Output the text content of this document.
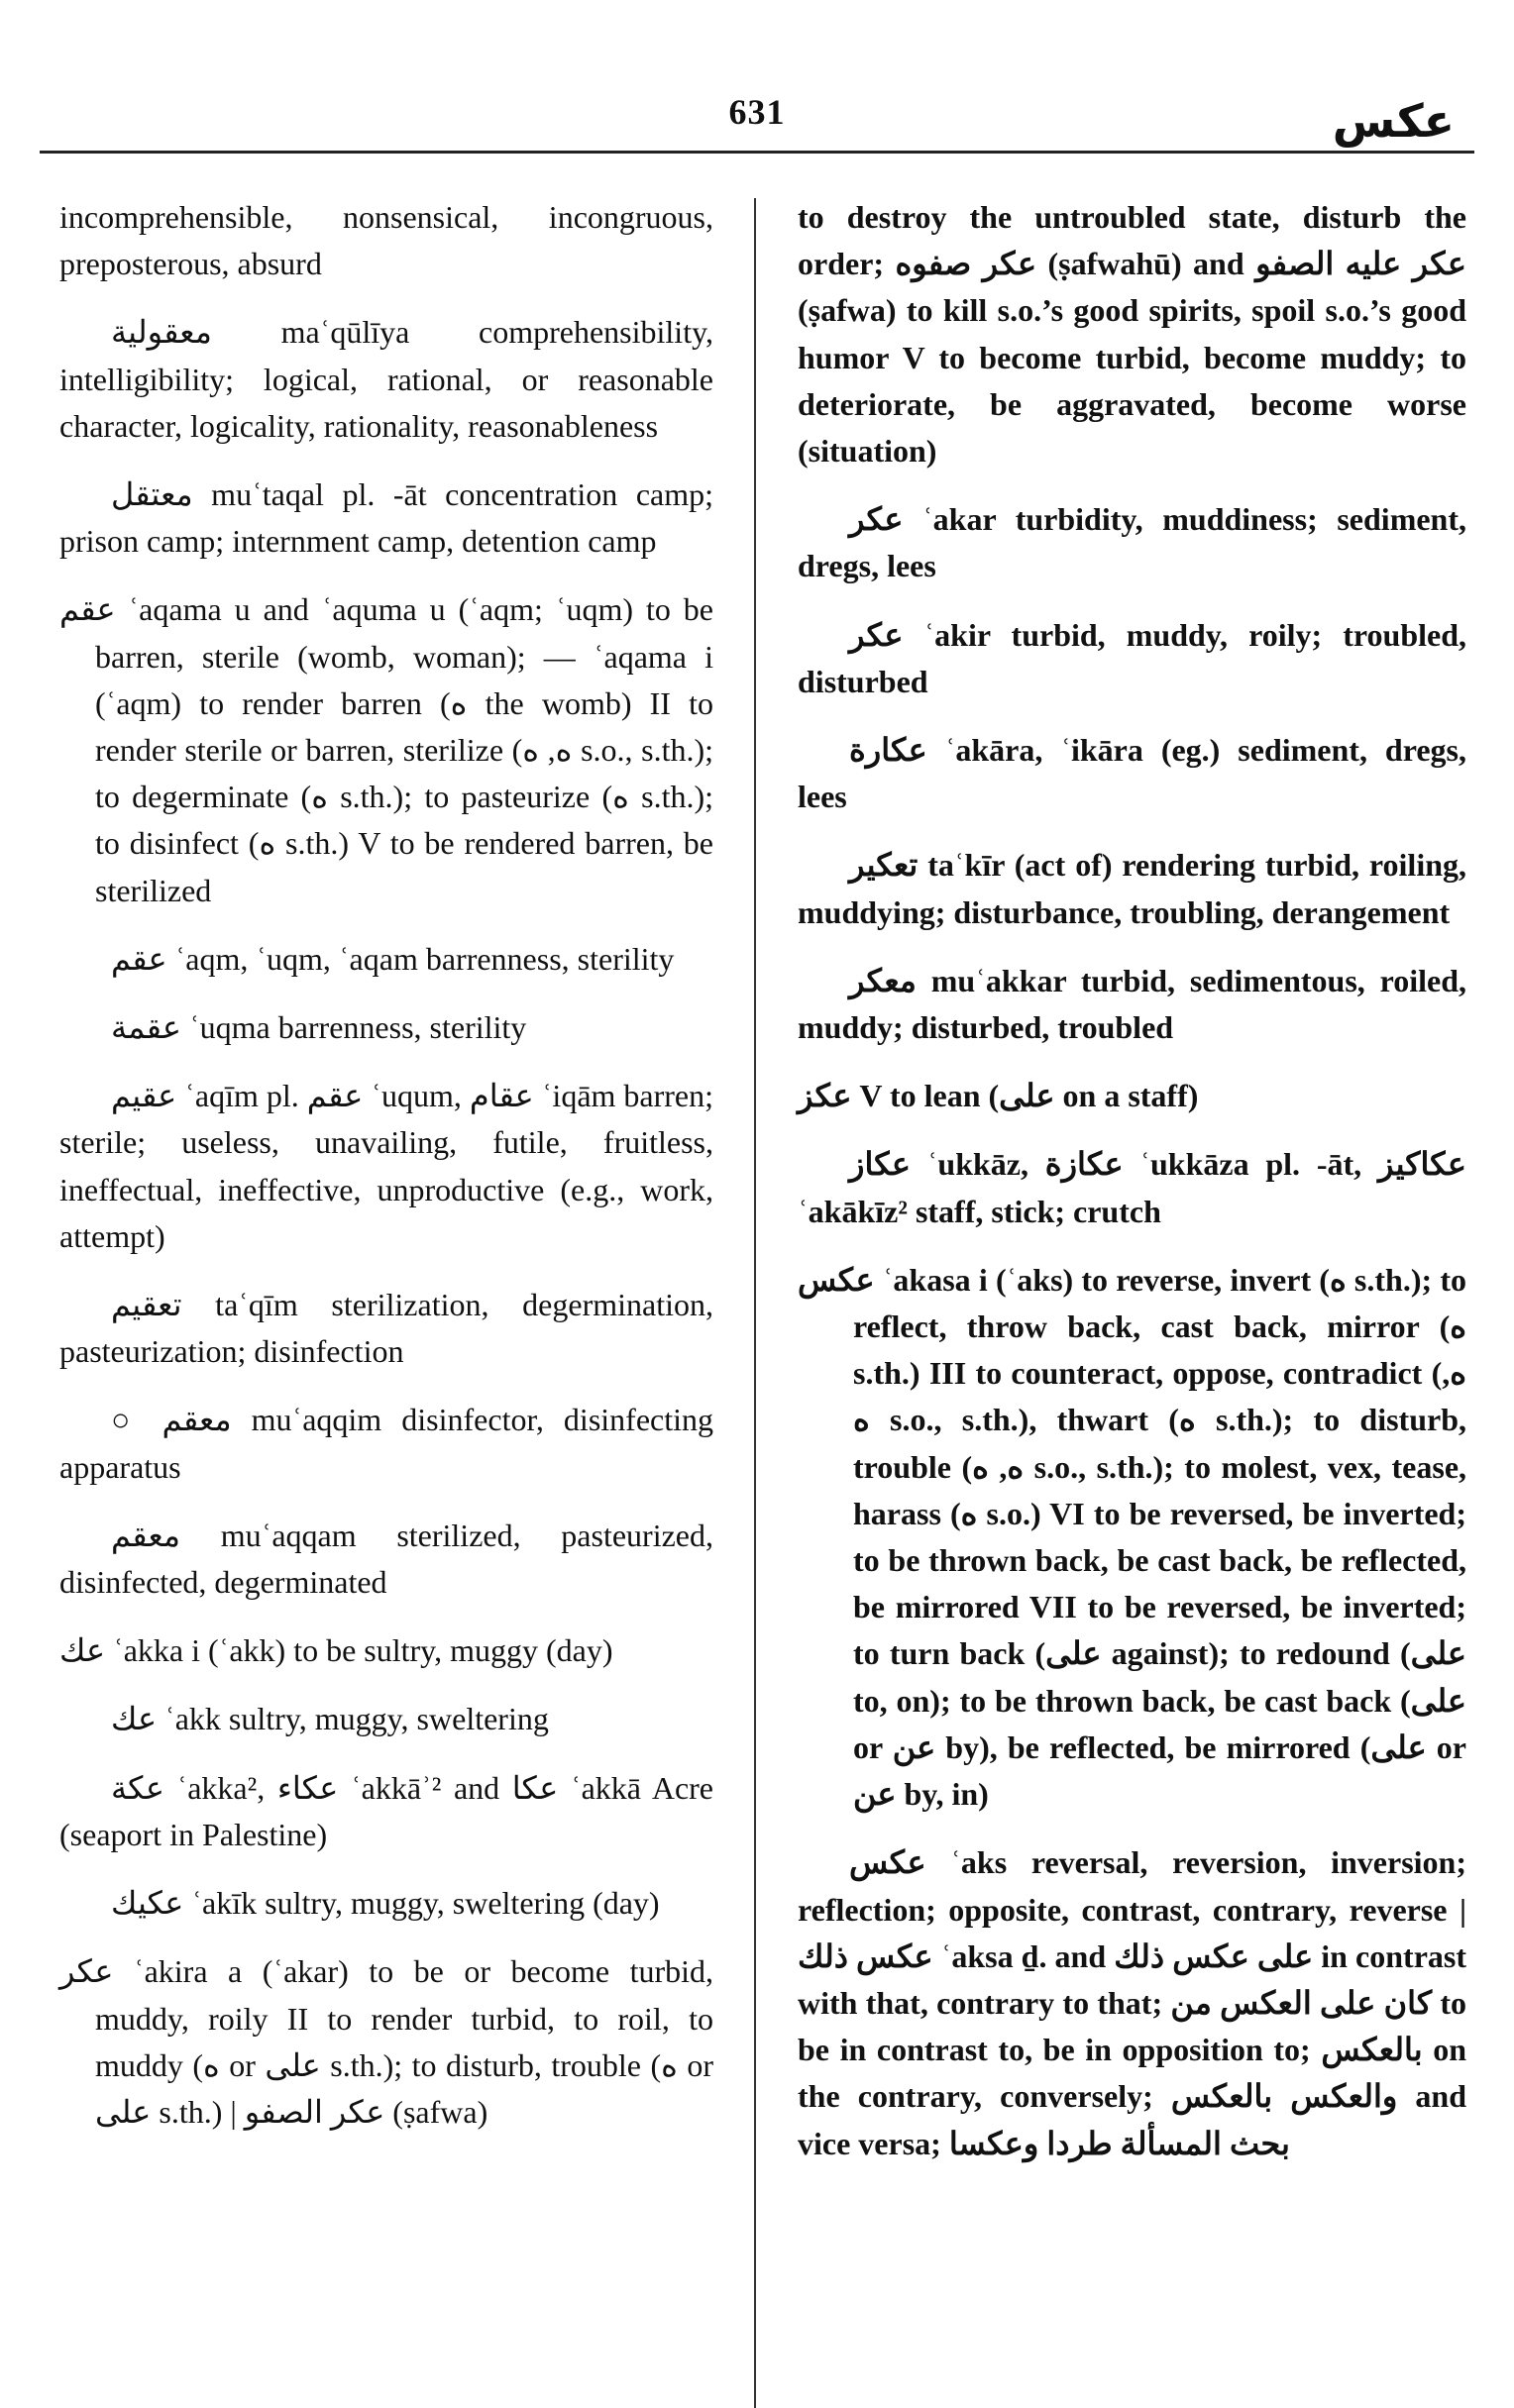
631	عكس

incomprehensible, nonsensical, incongruous, preposterous, absurd

معقولية maʿqūlīya comprehensibility, intelligibility; logical, rational, or reasonable character, logicality, rationality, reasonableness

معتقل muʿtaqal pl. -āt concentration camp; prison camp; internment camp, detention camp

عقم ʿaqama u and ʿaquma u (ʿaqm; ʿuqm) to be barren, sterile (womb, woman); — ʿaqama i (ʿaqm) to render barren (ه the womb) II to render sterile or barren, sterilize (ه, ه s.o., s.th.); to degerminate (ه s.th.); to pasteurize (ه s.th.); to disinfect (ه s.th.) V to be rendered barren, be sterilized

عقم ʿaqm, ʿuqm, ʿaqam barrenness, sterility

عقمة ʿuqma barrenness, sterility

عقيم ʿaqīm pl. عقم ʿuqum, عقام ʿiqām barren; sterile; useless, unavailing, futile, fruitless, ineffectual, ineffective, unproductive (e.g., work, attempt)

تعقيم taʿqīm sterilization, degermination, pasteurization; disinfection

○ معقم muʿaqqim disinfector, disinfecting apparatus

معقم muʿaqqam sterilized, pasteurized, disinfected, degerminated

عك ʿakka i (ʿakk) to be sultry, muggy (day)

عك ʿakk sultry, muggy, sweltering

عكة ʿakka², عكاء ʿakkāʾ² and عكا ʿakkā Acre (seaport in Palestine)

عكيك ʿakīk sultry, muggy, sweltering (day)

عكر ʿakira a (ʿakar) to be or become turbid, muddy, roily II to render turbid, to roil, to muddy (ه or على s.th.); to disturb, trouble (ه or على s.th.) | عكر الصفو (ṣafwa)

to destroy the untroubled state, disturb the order; عكر صفوه (ṣafwahū) and عكر عليه الصفو (ṣafwa) to kill s.o.’s good spirits, spoil s.o.’s good humor V to become turbid, become muddy; to deteriorate, be aggravated, become worse (situation)

عكر ʿakar turbidity, muddiness; sediment, dregs, lees

عكر ʿakir turbid, muddy, roily; troubled, disturbed

عكارة ʿakāra, ʿikāra (eg.) sediment, dregs, lees

تعكير taʿkīr (act of) rendering turbid, roiling, muddying; disturbance, troubling, derangement

معكر muʿakkar turbid, sedimentous, roiled, muddy; disturbed, troubled

عكز V to lean (على on a staff)

عكاز ʿukkāz, عكازة ʿukkāza pl. -āt, عكاكيز ʿakākīz² staff, stick; crutch

عكس ʿakasa i (ʿaks) to reverse, invert (ه s.th.); to reflect, throw back, cast back, mirror (ه s.th.) III to counteract, oppose, contradict (ه, ه s.o., s.th.), thwart (ه s.th.); to disturb, trouble (ه, ه s.o., s.th.); to molest, vex, tease, harass (ه s.o.) VI to be reversed, be inverted; to be thrown back, be cast back, be reflected, be mirrored VII to be reversed, be inverted; to turn back (على against); to redound (على to, on); to be thrown back, be cast back (على or عن by), be reflected, be mirrored (على or عن by, in)

عكس ʿaks reversal, reversion, inversion; reflection; opposite, contrast, contrary, reverse | عكس ذلك ʿaksa ḏ. and على عكس ذلك in contrast with that, contrary to that; كان على العكس من to be in contrast to, be in opposition to; بالعكس on the contrary, conversely; والعكس بالعكس and vice versa; بحث المسألة طردا وعكسا
